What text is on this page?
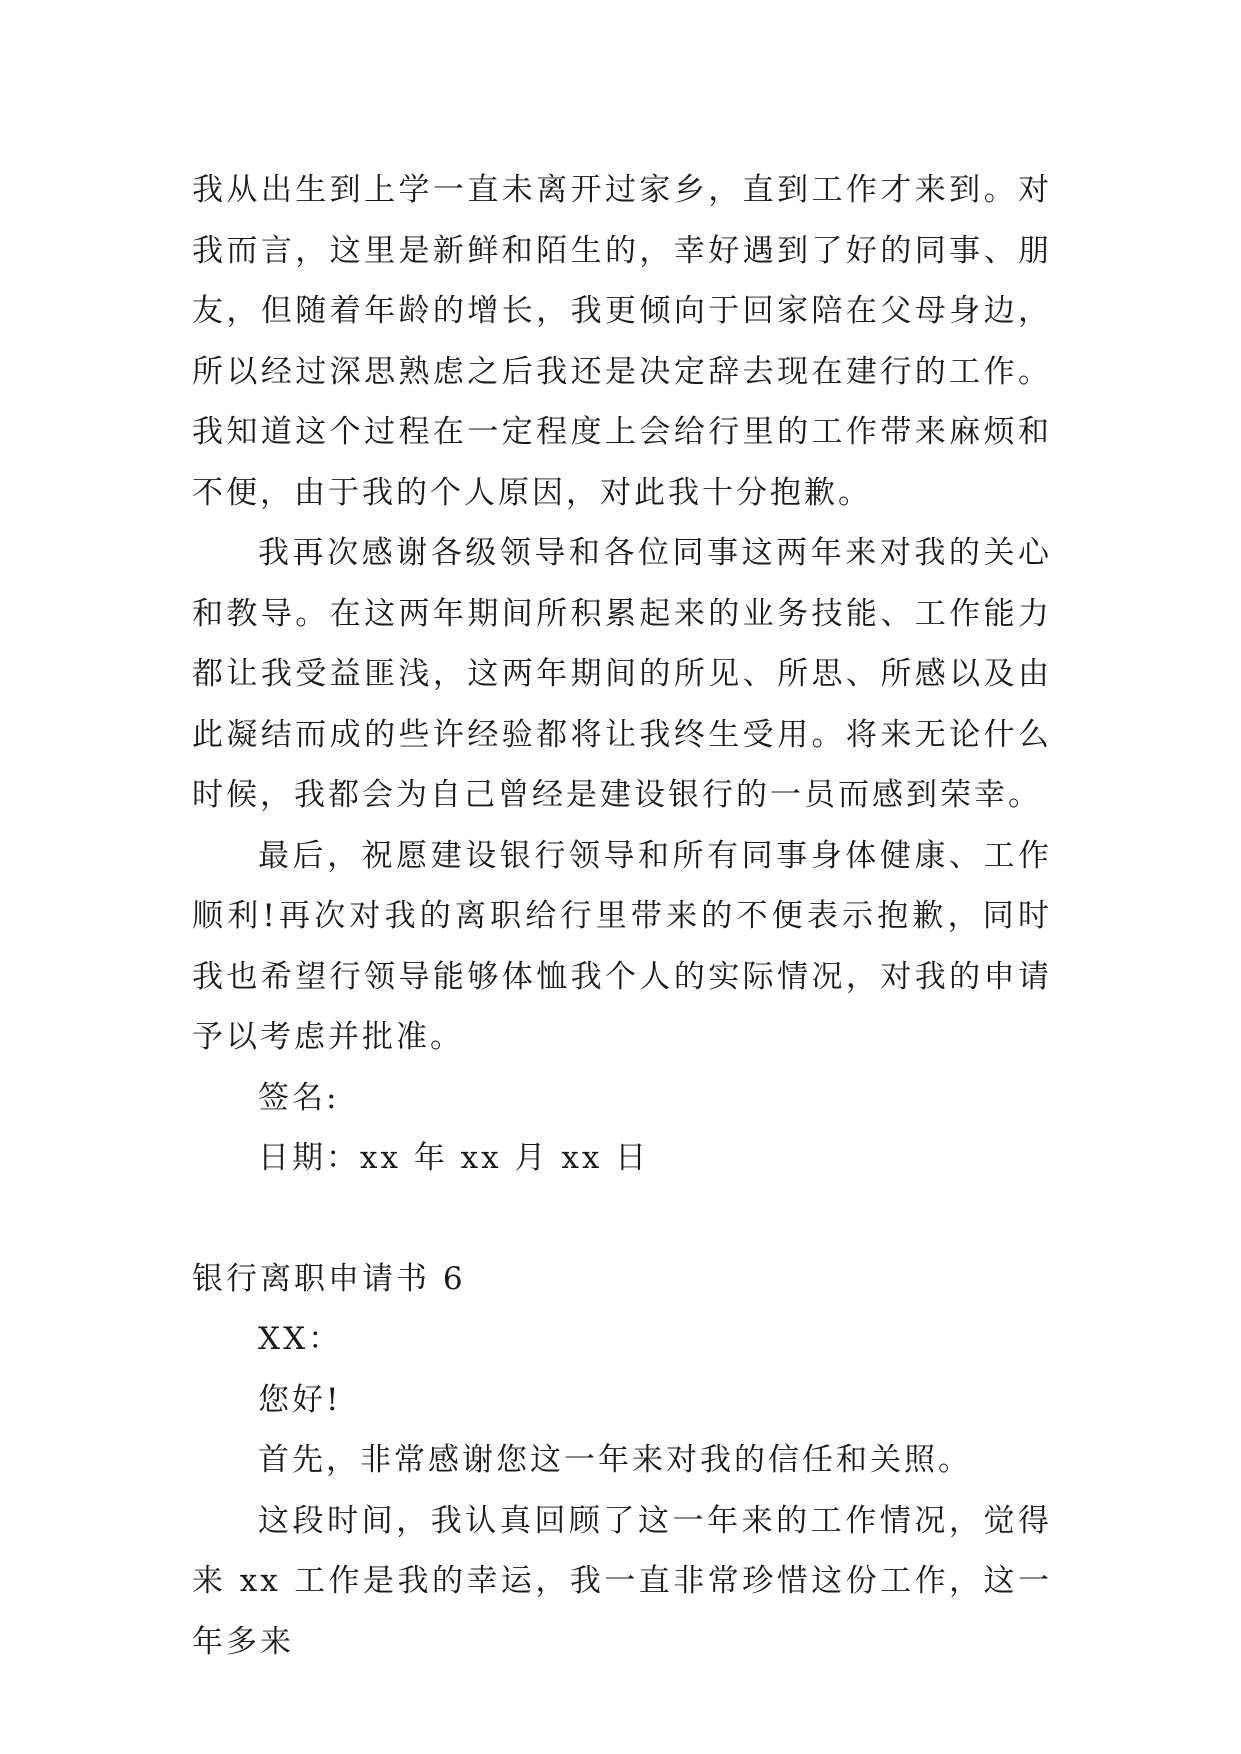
我从出生到上学一直未离开过家乡，直到工作才来到。对我而言，这里是新鲜和陌生的，幸好遇到了好的同事、朋友，但随着年龄的增长，我更倾向于回家陪在父母身边，所以经过深思熟虑之后我还是决定辞去现在建行的工作。我知道这个过程在一定程度上会给行里的工作带来麻烦和不便，由于我的个人原因，对此我十分抱歉。

我再次感谢各级领导和各位同事这两年来对我的关心和教导。在这两年期间所积累起来的业务技能、工作能力都让我受益匪浅，这两年期间的所见、所思、所感以及由此凝结而成的些许经验都将让我终生受用。将来无论什么时候，我都会为自己曾经是建设银行的一员而感到荣幸。

最后，祝愿建设银行领导和所有同事身体健康、工作顺利!再次对我的离职给行里带来的不便表示抱歉，同时我也希望行领导能够体恤我个人的实际情况，对我的申请予以考虑并批准。

签名:

日期：xx 年 xx 月 xx 日

银行离职申请书 6

XX：

您好!

首先，非常感谢您这一年来对我的信任和关照。

这段时间，我认真回顾了这一年来的工作情况，觉得来 xx 工作是我的幸运，我一直非常珍惜这份工作，这一年多来
